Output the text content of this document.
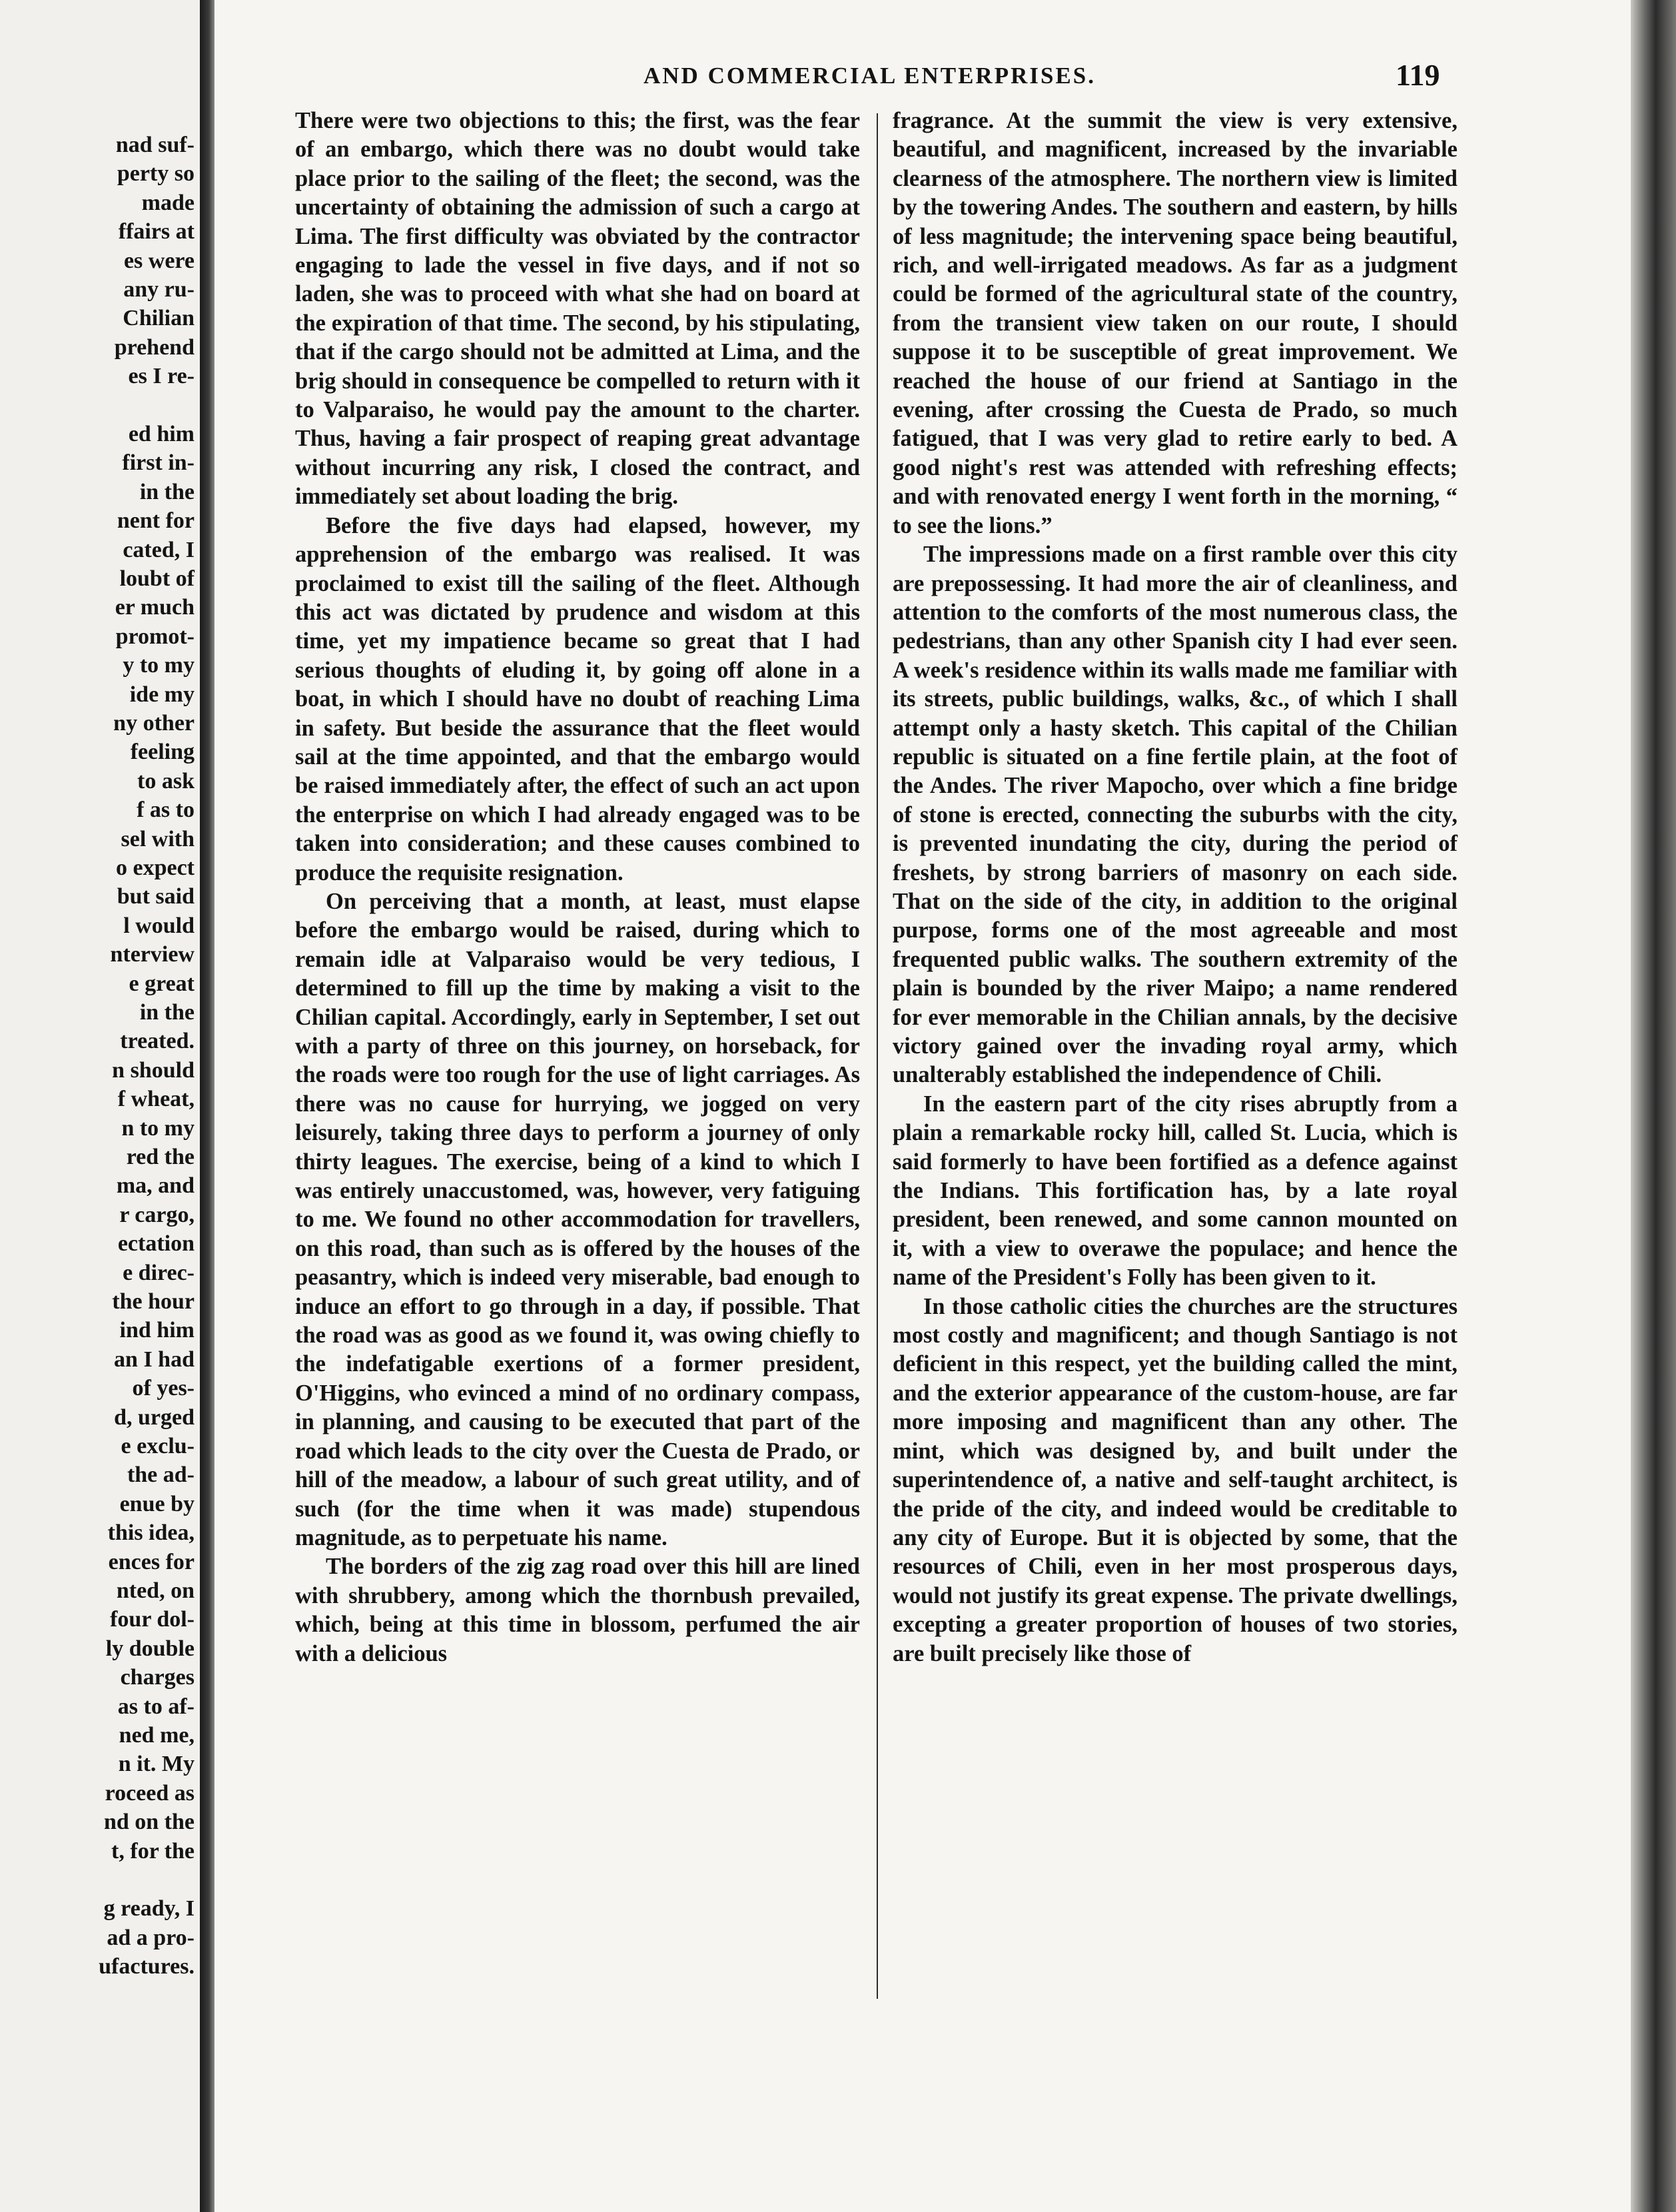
nad suf-
perty so
made
ffairs at
es were
any ru-
Chilian
prehend
es I re-
ed him
first in-
in the
nent for
cated, I
loubt of
er much
promot-
y to my
ide my
ny other
feeling
to ask
f as to
sel with
o expect
but said
l would
nterview
e great
in the
treated.
n should
f wheat,
n to my
red the
ma, and
r cargo,
ectation
e direc-
the hour
ind him
an I had
of yes-
d, urged
e exclu-
the ad-
enue by
this idea,
ences for
nted, on
four dol-
ly double
charges
as to af-
ned me,
n it. My
roceed as
nd on the
t, for the
g ready, I
ad a pro-
ufactures.
AND COMMERCIAL ENTERPRISES.	119

There were two objections to this; the first, was the fear of an embargo, which there was no doubt would take place prior to the sailing of the fleet; the second, was the uncertainty of obtaining the admission of such a cargo at Lima. The first difficulty was obviated by the contractor engaging to lade the vessel in five days, and if not so laden, she was to proceed with what she had on board at the expiration of that time. The second, by his stipulating, that if the cargo should not be admitted at Lima, and the brig should in consequence be compelled to return with it to Valparaiso, he would pay the amount to the charter. Thus, having a fair prospect of reaping great advantage without incurring any risk, I closed the contract, and immediately set about loading the brig.

Before the five days had elapsed, however, my apprehension of the embargo was realised. It was proclaimed to exist till the sailing of the fleet. Although this act was dictated by prudence and wisdom at this time, yet my impatience became so great that I had serious thoughts of eluding it, by going off alone in a boat, in which I should have no doubt of reaching Lima in safety. But beside the assurance that the fleet would sail at the time appointed, and that the embargo would be raised immediately after, the effect of such an act upon the enterprise on which I had already engaged was to be taken into consideration; and these causes combined to produce the requisite resignation.

On perceiving that a month, at least, must elapse before the embargo would be raised, during which to remain idle at Valparaiso would be very tedious, I determined to fill up the time by making a visit to the Chilian capital. Accordingly, early in September, I set out with a party of three on this journey, on horseback, for the roads were too rough for the use of light carriages. As there was no cause for hurrying, we jogged on very leisurely, taking three days to perform a journey of only thirty leagues. The exercise, being of a kind to which I was entirely unaccustomed, was, however, very fatiguing to me. We found no other accommodation for travellers, on this road, than such as is offered by the houses of the peasantry, which is indeed very miserable, bad enough to induce an effort to go through in a day, if possible. That the road was as good as we found it, was owing chiefly to the indefatigable exertions of a former president, O'Higgins, who evinced a mind of no ordinary compass, in planning, and causing to be executed that part of the road which leads to the city over the Cuesta de Prado, or hill of the meadow, a labour of such great utility, and of such (for the time when it was made) stupendous magnitude, as to perpetuate his name.

The borders of the zig zag road over this hill are lined with shrubbery, among which the thornbush prevailed, which, being at this time in blossom, perfumed the air with a delicious

fragrance. At the summit the view is very extensive, beautiful, and magnificent, increased by the invariable clearness of the atmosphere. The northern view is limited by the towering Andes. The southern and eastern, by hills of less magnitude; the intervening space being beautiful, rich, and well-irrigated meadows. As far as a judgment could be formed of the agricultural state of the country, from the transient view taken on our route, I should suppose it to be susceptible of great improvement. We reached the house of our friend at Santiago in the evening, after crossing the Cuesta de Prado, so much fatigued, that I was very glad to retire early to bed. A good night's rest was attended with refreshing effects; and with renovated energy I went forth in the morning, “ to see the lions.”

The impressions made on a first ramble over this city are prepossessing. It had more the air of cleanliness, and attention to the comforts of the most numerous class, the pedestrians, than any other Spanish city I had ever seen. A week's residence within its walls made me familiar with its streets, public buildings, walks, &c., of which I shall attempt only a hasty sketch. This capital of the Chilian republic is situated on a fine fertile plain, at the foot of the Andes. The river Mapocho, over which a fine bridge of stone is erected, connecting the suburbs with the city, is prevented inundating the city, during the period of freshets, by strong barriers of masonry on each side. That on the side of the city, in addition to the original purpose, forms one of the most agreeable and most frequented public walks. The southern extremity of the plain is bounded by the river Maipo; a name rendered for ever memorable in the Chilian annals, by the decisive victory gained over the invading royal army, which unalterably established the independence of Chili.

In the eastern part of the city rises abruptly from a plain a remarkable rocky hill, called St. Lucia, which is said formerly to have been fortified as a defence against the Indians. This fortification has, by a late royal president, been renewed, and some cannon mounted on it, with a view to overawe the populace; and hence the name of the President's Folly has been given to it.

In those catholic cities the churches are the structures most costly and magnificent; and though Santiago is not deficient in this respect, yet the building called the mint, and the exterior appearance of the custom-house, are far more imposing and magnificent than any other. The mint, which was designed by, and built under the superintendence of, a native and self-taught architect, is the pride of the city, and indeed would be creditable to any city of Europe. But it is objected by some, that the resources of Chili, even in her most prosperous days, would not justify its great expense. The private dwellings, excepting a greater proportion of houses of two stories, are built precisely like those of
